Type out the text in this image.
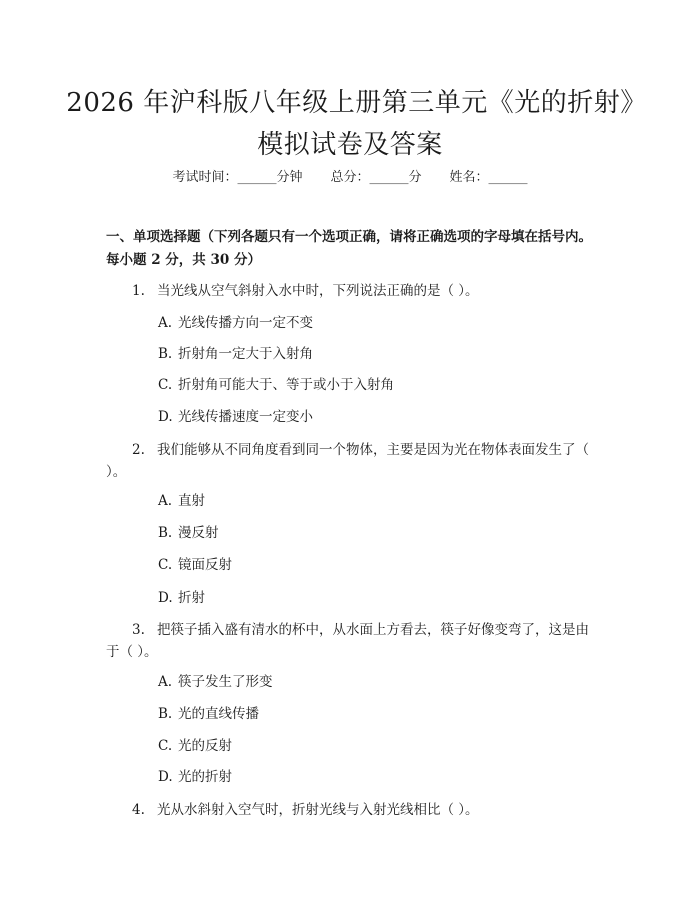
2026 年沪科版八年级上册第三单元《光的折射》模拟试卷及答案
考试时间：______分钟 总分：______分 姓名：______
一、单项选择题（下列各题只有一个选项正确，请将正确选项的字母填在括号内。每小题 2 分，共 30 分）
1. 当光线从空气斜射入水中时，下列说法正确的是（ ）。
A. 光线传播方向一定不变
B. 折射角一定大于入射角
C. 折射角可能大于、等于或小于入射角
D. 光线传播速度一定变小
2. 我们能够从不同角度看到同一个物体，主要是因为光在物体表面发生了（ ）。
A. 直射
B. 漫反射
C. 镜面反射
D. 折射
3. 把筷子插入盛有清水的杯中，从水面上方看去，筷子好像变弯了，这是由于（ ）。
A. 筷子发生了形变
B. 光的直线传播
C. 光的反射
D. 光的折射
4. 光从水斜射入空气时，折射光线与入射光线相比（ ）。
